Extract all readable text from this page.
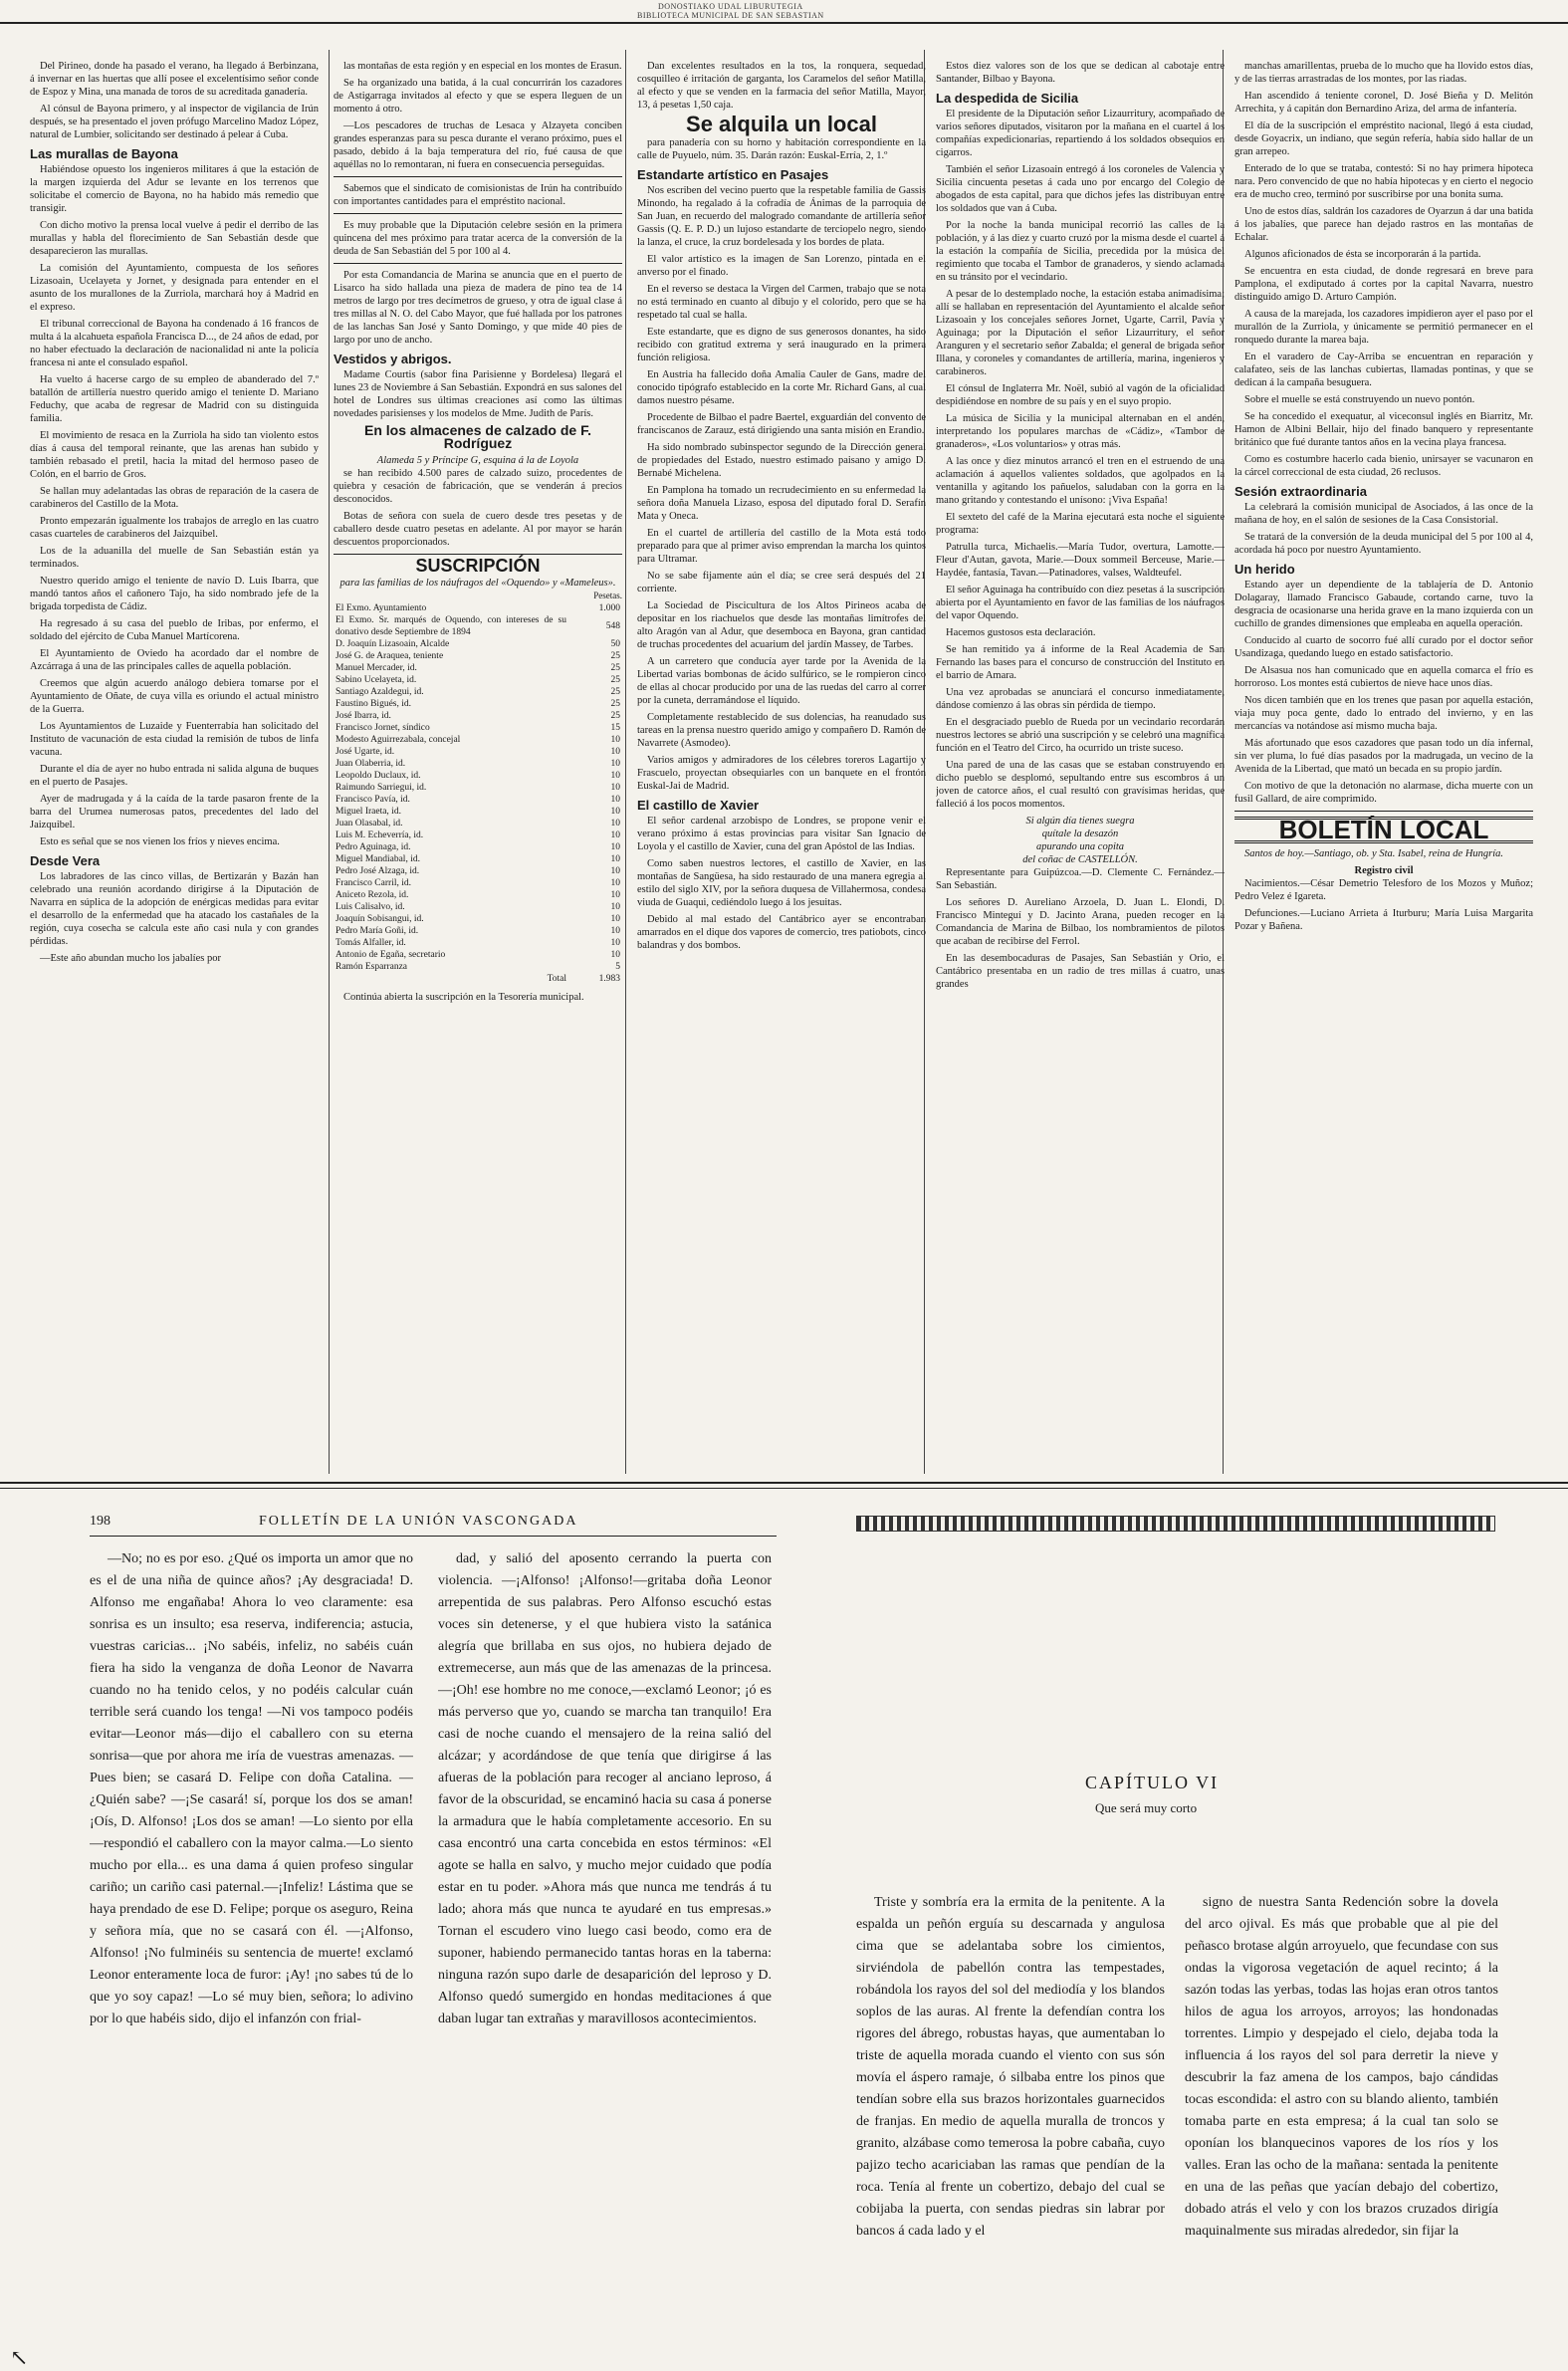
DONOSTIAKO UDAL LIBURUTEGIA
BIBLIOTECA MUNICIPAL DE SAN SEBASTIAN

Del Pirineo, donde ha pasado el verano, ha llegado á Berbinzana, á invernar en las huertas que allí posee el excelentísimo señor conde de Espoz y Mina, una manada de toros de su acreditada ganadería.

Al cónsul de Bayona primero, y al inspector de vigilancia de Irún después, se ha presentado el joven prófugo Marcelino Madoz López, natural de Lumbier, solicitando ser destinado á pelear á Cuba.

Las murallas de Bayona

Habiéndose opuesto los ingenieros militares á que la estación de la margen izquierda del Adur se levante en los terrenos que solicitabe el comercio de Bayona, no ha habido más remedio que transigir.

Con dicho motivo la prensa local vuelve á pedir el derribo de las murallas y habla del florecimiento de San Sebastián desde que desaparecieron las murallas.

La comisión del Ayuntamiento, compuesta de los señores Lizasoain, Ucelayeta y Jornet, y designada para entender en el asunto de los murallones de la Zurriola, marchará hoy á Madrid en el expreso.

El tribunal correccional de Bayona ha condenado á 16 francos de multa á la alcahueta española Francisca D..., de 24 años de edad, por no haber efectuado la declaración de nacionalidad ni ante la policía francesa ni ante el consulado español.

Ha vuelto á hacerse cargo de su empleo de abanderado del 7.º batallón de artillería nuestro querido amigo el teniente D. Mariano Feduchy, que acaba de regresar de Madrid con su distinguida familia.

El movimiento de resaca en la Zurriola ha sido tan violento estos días á causa del temporal reinante, que las arenas han subido y también rebasado el pretil, hacia la mitad del hermoso paseo de Colón, en el barrio de Gros.

Se hallan muy adelantadas las obras de reparación de la casera de carabineros del Castillo de la Mota.

Pronto empezarán igualmente los trabajos de arreglo en las cuatro casas cuarteles de carabineros del Jaizquibel.

Los de la aduanilla del muelle de San Sebastián están ya terminados.

Nuestro querido amigo el teniente de navío D. Luis Ibarra, que mandó tantos años el cañonero Tajo, ha sido nombrado jefe de la brigada torpedista de Cádiz.

Ha regresado á su casa del pueblo de Iribas, por enfermo, el soldado del ejército de Cuba Manuel Martícorena.

El Ayuntamiento de Oviedo ha acordado dar el nombre de Azcárraga á una de las principales calles de aquella población.

Creemos que algún acuerdo análogo debiera tomarse por el Ayuntamiento de Oñate, de cuya villa es oriundo el actual ministro de la Guerra.

Los Ayuntamientos de Luzaide y Fuenterrabía han solicitado del Instituto de vacunación de esta ciudad la remisión de tubos de linfa vacuna.

Durante el día de ayer no hubo entrada ni salida alguna de buques en el puerto de Pasajes.

Ayer de madrugada y á la caída de la tarde pasaron frente de la barra del Urumea numerosas patos, precedentes del lado del Jaizquibel.

Esto es señal que se nos vienen los fríos y nieves encima.

Desde Vera

Los labradores de las cinco villas, de Bertizarán y Bazán han celebrado una reunión acordando dirigirse á la Diputación de Navarra en súplica de la adopción de enérgicas medidas para evitar el desarrollo de la enfermedad que ha atacado los castañales de la región, cuya cosecha se calcula este año casi nula y con grandes pérdidas.

—Este año abundan mucho los jabalíes por

las montañas de esta región y en especial en los montes de Erasun.

Se ha organizado una batida, á la cual concurrirán los cazadores de Astigarraga invitados al efecto y que se espera lleguen de un momento á otro.

—Los pescadores de truchas de Lesaca y Alzayeta conciben grandes esperanzas para su pesca durante el verano próximo, pues el pasado, debido á la baja temperatura del río, fué causa de que aquéllas no lo remontaran, ni fuera en consecuencia perseguidas.

Sabemos que el sindicato de comisionistas de Irún ha contribuído con importantes cantidades para el empréstito nacional.

Es muy probable que la Diputación celebre sesión en la primera quincena del mes próximo para tratar acerca de la conversión de la deuda de San Sebastián del 5 por 100 al 4.

Por esta Comandancia de Marina se anuncia que en el puerto de Lisarco ha sido hallada una pieza de madera de pino tea de 14 metros de largo por tres decímetros de grueso, y otra de igual clase á tres millas al N. O. del Cabo Mayor, que fué hallada por los patrones de las lanchas San José y Santo Domingo, y que mide 40 pies de largo por uno de ancho.

Vestidos y abrigos.

Madame Courtis (sabor fina Parisienne y Bordelesa) llegará el lunes 23 de Noviembre á San Sebastián. Expondrá en sus salones del hotel de Londres sus últimas creaciones así como las últimas novedades parisienses y los modelos de Mme. Judith de París.

En los almacenes de calzado de F. Rodríguez
Alameda 5 y Príncipe G, esquina á la de Loyola

se han recibido 4.500 pares de calzado suizo, procedentes de quiebra y cesación de fabricación, que se venderán á precios desconocidos.

Botas de señora con suela de cuero desde tres pesetas y de caballero desde cuatro pesetas en adelante. Al por mayor se harán descuentos proporcionados.

SUSCRIPCIÓN
para las familias de los náufragos del «Oquendo» y «Mameleus».
Pesetas.
El Exmo. Ayuntamiento	1.000
El Exmo. Sr. marqués de Oquendo, con intereses de su donativo desde Septiembre de 1894	548
D. Joaquín Lizasoain, Alcalde	50
José G. de Araquea, teniente	25
Manuel Mercader, id.	25
Sabino Ucelayeta, id.	25
Santiago Azaldegui, id.	25
Faustino Bigués, id.	25
José Ibarra, id.	25
Francisco Jornet, síndico	15
Modesto Aguirrezabala, concejal	10
José Ugarte, id.	10
Juan Olaberria, id.	10
Leopoldo Duclaux, id.	10
Raimundo Sarriegui, id.	10
Francisco Pavía, id.	10
Miguel Iraeta, id.	10
Juan Olasabal, id.	10
Luis M. Echeverría, id.	10
Pedro Aguinaga, id.	10
Miguel Mandiabal, id.	10
Pedro José Alzaga, id.	10
Francisco Carril, id.	10
Aniceto Rezola, id.	10
Luis Calisalvo, id.	10
Joaquín Sobisangui, id.	10
Pedro María Goñi, id.	10
Tomás Alfaller, id.	10
Antonio de Egaña, secretario	10
Ramón Esparranza	5
Total	1.983

Continúa abierta la suscripción en la Tesorería municipal.

Dan excelentes resultados en la tos, la ronquera, sequedad, cosquilleo é irritación de garganta, los Caramelos del señor Matilla, al efecto y que se venden en la farmacia del señor Matilla, Mayor, 13, á pesetas 1,50 caja.

Se alquila un local

para panadería con su horno y habitación correspondiente en la calle de Puyuelo, núm. 35. Darán razón: Euskal-Erría, 2, 1.º

Estandarte artístico en Pasajes

Nos escriben del vecino puerto que la respetable familia de Gassis Minondo, ha regalado á la cofradía de Ánimas de la parroquia de San Juan, en recuerdo del malogrado comandante de artillería señor Gassis (Q. E. P. D.) un lujoso estandarte de terciopelo negro, siendo la lanza, el cruce, la cruz bordelesada y los bordes de plata.

El valor artístico es la imagen de San Lorenzo, pintada en el anverso por el finado.

En el reverso se destaca la Virgen del Carmen, trabajo que se nota no está terminado en cuanto al dibujo y el colorido, pero que se ha respetado tal cual se halla.

Este estandarte, que es digno de sus generosos donantes, ha sido recibido con gratitud extrema y será inaugurado en la primera función religiosa.

En Austria ha fallecido doña Amalia Cauler de Gans, madre del conocido tipógrafo establecido en la corte Mr. Richard Gans, al cual damos nuestro pésame.

Procedente de Bilbao el padre Baertel, exguardián del convento de franciscanos de Zarauz, está dirigiendo una santa misión en Erandio.

Ha sido nombrado subinspector segundo de la Dirección general de propiedades del Estado, nuestro estimado paisano y amigo D. Bernabé Michelena.

En Pamplona ha tomado un recrudecimiento en su enfermedad la señora doña Manuela Lizaso, esposa del diputado foral D. Serafín Mata y Oneca.

En el cuartel de artillería del castillo de la Mota está todo preparado para que al primer aviso emprendan la marcha los quintos para Ultramar.

No se sabe fijamente aún el día; se cree será después del 21 corriente.

La Sociedad de Piscicultura de los Altos Pirineos acaba de depositar en los riachuelos que desde las montañas limítrofes del alto Aragón van al Adur, que desemboca en Bayona, gran cantidad de truchas procedentes del acuarium del jardín Massey, de Tarbes.

A un carretero que conducía ayer tarde por la Avenida de la Libertad varias bombonas de ácido sulfúrico, se le rompieron cinco de ellas al chocar producido por una de las ruedas del carro al correr por la cuneta, derramándose el líquido.

Completamente restablecido de sus dolencias, ha reanudado sus tareas en la prensa nuestro querido amigo y compañero D. Ramón de Navarrete (Asmodeo).

Varios amigos y admiradores de los célebres toreros Lagartijo y Frascuelo, proyectan obsequiarles con un banquete en el frontón Euskal-Jai de Madrid.

El castillo de Xavier

El señor cardenal arzobispo de Londres, se propone venir el verano próximo á estas provincias para visitar San Ignacio de Loyola y el castillo de Xavier, cuna del gran Apóstol de las Indias.

Como saben nuestros lectores, el castillo de Xavier, en las montañas de Sangüesa, ha sido restaurado de una manera egregia al estilo del siglo XIV, por la señora duquesa de Villahermosa, condesa viuda de Guaqui, cediéndolo luego á los jesuitas.

Debido al mal estado del Cantábrico ayer se encontraban amarrados en el dique dos vapores de comercio, tres patiobots, cinco balandras y dos bombos.

Estos diez valores son de los que se dedican al cabotaje entre Santander, Bilbao y Bayona.

La despedida de Sicilia

El presidente de la Diputación señor Lizaurritury, acompañado de varios señores diputados, visitaron por la mañana en el cuartel á los compañías expedicionarias, repartiendo á los soldados obsequios en cigarros.

También el señor Lizasoain entregó á los coroneles de Valencia y Sicilia cincuenta pesetas á cada uno por encargo del Colegio de abogados de esta capital, para que dichos jefes las distribuyan entre los soldados que van á Cuba.

Por la noche la banda municipal recorrió las calles de la población, y á las diez y cuarto cruzó por la misma desde el cuartel á la estación la compañía de Sicilia, precedida por la música del regimiento que tocaba el Tambor de granaderos, y siendo aclamada en su tránsito por el vecindario.

A pesar de lo destemplado noche, la estación estaba animadísima; allí se hallaban en representación del Ayuntamiento el alcalde señor Lizasoain y los concejales señores Jornet, Ugarte, Carril, Pavía y Aguinaga; por la Diputación el señor Lizaurritury, el señor Aranguren y el secretario señor Zabalda; el general de brigada señor Illana, y coroneles y comandantes de artillería, marina, ingenieros y carabineros.

El cónsul de Inglaterra Mr. Noël, subió al vagón de la oficialidad despidiéndose en nombre de su país y en el suyo propio.

La música de Sicilia y la municipal alternaban en el andén, interpretando los populares marchas de «Cádiz», «Tambor de granaderos», «Los voluntarios» y otras más.

A las once y diez minutos arrancó el tren en el estruendo de una aclamación á aquellos valientes soldados, que agolpados en la ventanilla y agitando los pañuelos, saludaban con la gorra en la mano gritando y contestando el unísono: ¡Viva España!

El sexteto del café de la Marina ejecutará esta noche el siguiente programa:

Patrulla turca, Michaelis.—María Tudor, overtura, Lamotte.—Fleur d'Autan, gavota, Marie.—Doux sommeil Berceuse, Marie.—Haydée, fantasía, Tavan.—Patinadores, valses, Waldteufel.

El señor Aguinaga ha contribuído con diez pesetas á la suscripción abierta por el Ayuntamiento en favor de las familias de los náufragos del vapor Oquendo.

Hacemos gustosos esta declaración.

Se han remitido ya á informe de la Real Academia de San Fernando las bases para el concurso de construcción del Instituto en el barrio de Amara.

Una vez aprobadas se anunciará el concurso inmediatamente, dándose comienzo á las obras sin pérdida de tiempo.

En el desgraciado pueblo de Rueda por un vecindario recordarán nuestros lectores se abrió una suscripción y se celebró una magnífica función en el Teatro del Circo, ha ocurrido un triste suceso.

Una pared de una de las casas que se estaban construyendo en dicho pueblo se desplomó, sepultando entre sus escombros á un joven de catorce años, el cual resultó con gravísimas heridas, que falleció á los pocos momentos.

Si algún día tienes suegra
quítale la desazón
apurando una copita
del coñac de CASTELLÓN.

Representante para Guipúzcoa.—D. Clemente C. Fernández.—San Sebastián.

Los señores D. Aureliano Arzoela, D. Juan L. Elondi, D. Francisco Minteguí y D. Jacinto Arana, pueden recoger en la Comandancia de Marina de Bilbao, los nombramientos de pilotos que acaban de recibirse del Ferrol.

En las desembocaduras de Pasajes, San Sebastián y Orio, el Cantábrico presentaba en un radio de tres millas á cuatro, unas grandes

manchas amarillentas, prueba de lo mucho que ha llovido estos días, y de las tierras arrastradas de los montes, por las riadas.

Han ascendido á teniente coronel, D. José Bieña y D. Melitón Arrechita, y á capitán don Bernardino Ariza, del arma de infantería.

El día de la suscripción el empréstito nacional, llegó á esta ciudad, desde Goyacrix, un indiano, que según refería, había sido hallar de un gran arrepeo.

Enterado de lo que se trataba, contestó: Si no hay primera hipoteca nara. Pero convencido de que no había hipotecas y en cierto el negocio era de mucho creo, terminó por suscribirse por una bonita suma.

Uno de estos días, saldrán los cazadores de Oyarzun á dar una batida á los jabalíes, que parece han dejado rastros en las montañas de Echalar.

Algunos aficionados de ésta se incorporarán á la partida.

Se encuentra en esta ciudad, de donde regresará en breve para Pamplona, el exdiputado á cortes por la capital Navarra, nuestro distinguido amigo D. Arturo Campión.

A causa de la marejada, los cazadores impidieron ayer el paso por el murallón de la Zurriola, y únicamente se permitió permanecer en el ronquedo durante la marea baja.

En el varadero de Cay-Arriba se encuentran en reparación y calafateo, seis de las lanchas cubiertas, llamadas pontinas, y que se dedican á la campaña besuguera.

Sobre el muelle se está construyendo un nuevo pontón.

Se ha concedido el exequatur, al viceconsul inglés en Biarritz, Mr. Hamon de Albini Bellair, hijo del finado banquero y representante británico que fué durante tantos años en la vecina playa francesa.

Como es costumbre hacerlo cada bienio, unirsayer se vacunaron en la cárcel correccional de esta ciudad, 26 reclusos.

Sesión extraordinaria

La celebrará la comisión municipal de Asociados, á las once de la mañana de hoy, en el salón de sesiones de la Casa Consistorial.

Se tratará de la conversión de la deuda municipal del 5 por 100 al 4, acordada há poco por nuestro Ayuntamiento.

Un herido

Estando ayer un dependiente de la tablajería de D. Antonio Dolagaray, llamado Francisco Gabaude, cortando carne, tuvo la desgracia de ocasionarse una herida grave en la mano izquierda con un cuchillo de grandes dimensiones que empleaba en aquella operación.

Conducido al cuarto de socorro fué allí curado por el doctor señor Usandizaga, quedando luego en estado satisfactorio.

De Alsasua nos han comunicado que en aquella comarca el frío es horroroso. Los montes está cubiertos de nieve hace unos días.

Nos dicen también que en los trenes que pasan por aquella estación, viaja muy poca gente, dado lo entrado del invierno, y en las mercancías va notándose así mismo mucha baja.

Más afortunado que esos cazadores que pasan todo un día infernal, sin ver pluma, lo fué días pasados por la madrugada, un vecino de la Avenida de la Libertad, que mató un becada en su propio jardín.

Con motivo de que la detonación no alarmase, dicha muerte con un fusil Gallard, de aire comprimido.

BOLETÍN LOCAL

Santos de hoy.—Santiago, ob. y Sta. Isabel, reina de Hungría.

Registro civil

Nacimientos.—César Demetrio Telesforo de los Mozos y Muñoz; Pedro Velez é Igareta.

Defunciones.—Luciano Arrieta á Iturburu; María Luisa Margarita Pozar y Bañena.

198	FOLLETÍN DE LA UNIÓN VASCONGADA

—No; no es por eso. ¿Qué os importa un amor que no es el de una niña de quince años? ¡Ay desgraciada! D. Alfonso me engañaba! Ahora lo veo claramente: esa sonrisa es un insulto; esa reserva, indiferencia; astucia, vuestras caricias... ¡No sabéis, infeliz, no sabéis cuán fiera ha sido la venganza de doña Leonor de Navarra cuando no ha tenido celos, y no podéis calcular cuán terrible será cuando los tenga! —Ni vos tampoco podéis evitar—Leonor más—dijo el caballero con su eterna sonrisa—que por ahora me iría de vuestras amenazas. —Pues bien; se casará D. Felipe con doña Catalina. —¿Quién sabe? —¡Se casará! sí, porque los dos se aman! ¡Oís, D. Alfonso! ¡Los dos se aman! —Lo siento por ella—respondió el caballero con la mayor calma.—Lo siento mucho por ella... es una dama á quien profeso singular cariño; un cariño casi paternal.—¡Infeliz! Lástima que se haya prendado de ese D. Felipe; porque os aseguro, Reina y señora mía, que no se casará con él. —¡Alfonso, Alfonso! ¡No fulminéis su sentencia de muerte! exclamó Leonor enteramente loca de furor: ¡Ay! ¡no sabes tú de lo que yo soy capaz! —Lo sé muy bien, señora; lo adivino por lo que habéis sido, dijo el infanzón con frial-

dad, y salió del aposento cerrando la puerta con violencia. —¡Alfonso! ¡Alfonso!—gritaba doña Leonor arrepentida de sus palabras. Pero Alfonso escuchó estas voces sin detenerse, y el que hubiera visto la satánica alegría que brillaba en sus ojos, no hubiera dejado de extremecerse, aun más que de las amenazas de la princesa. —¡Oh! ese hombre no me conoce,—exclamó Leonor; ¡ó es más perverso que yo, cuando se marcha tan tranquilo! Era casi de noche cuando el mensajero de la reina salió del alcázar; y acordándose de que tenía que dirigirse á las afueras de la población para recoger al anciano leproso, á favor de la obscuridad, se encaminó hacia su casa á ponerse la armadura que le había completamente accesorio. En su casa encontró una carta concebida en estos términos: «El agote se halla en salvo, y mucho mejor cuidado que podía estar en tu poder. »Ahora más que nunca me tendrás á tu lado; ahora más que nunca te ayudaré en tus empresas.» Tornan el escudero vino luego casi beodo, como era de suponer, habiendo permanecido tantas horas en la taberna: ninguna razón supo darle de desaparición del leproso y D. Alfonso quedó sumergido en hondas meditaciones á que daban lugar tan extrañas y maravillosos acontecimientos.

CAPÍTULO VI
Que será muy corto

Triste y sombría era la ermita de la penitente. A la espalda un peñón erguía su descarnada y angulosa cima que se adelantaba sobre los cimientos, sirviéndola de pabellón contra las tempestades, robándola los rayos del sol del mediodía y los blandos soplos de las auras. Al frente la defendían contra los rigores del ábrego, robustas hayas, que aumentaban lo triste de aquella morada cuando el viento con sus són movía el áspero ramaje, ó silbaba entre los pinos que tendían sobre ella sus brazos horizontales guarnecidos de franjas. En medio de aquella muralla de troncos y granito, alzábase como temerosa la pobre cabaña, cuyo pajizo techo acariciaban las ramas que pendían de la roca. Tenía al frente un cobertizo, debajo del cual se cobijaba la puerta, con sendas piedras sin labrar por bancos á cada lado y el

signo de nuestra Santa Redención sobre la dovela del arco ojival. Es más que probable que al pie del peñasco brotase algún arroyuelo, que fecundase con sus ondas la vigorosa vegetación de aquel recinto; á la sazón todas las yerbas, todas las hojas eran otros tantos hilos de agua los arroyos, arroyos; las hondonadas torrentes. Limpio y despejado el cielo, dejaba toda la influencia á los rayos del sol para derretir la nieve y descubrir la faz amena de los campos, bajo cándidas tocas escondida: el astro con su blando aliento, también tomaba parte en esta empresa; á la cual tan solo se oponían los blanquecinos vapores de los ríos y los valles. Eran las ocho de la mañana: sentada la penitente en una de las peñas que yacían debajo del cobertizo, dobado atrás el velo y con los brazos cruzados dirigía maquinalmente sus miradas alrededor, sin fijar la

↖
